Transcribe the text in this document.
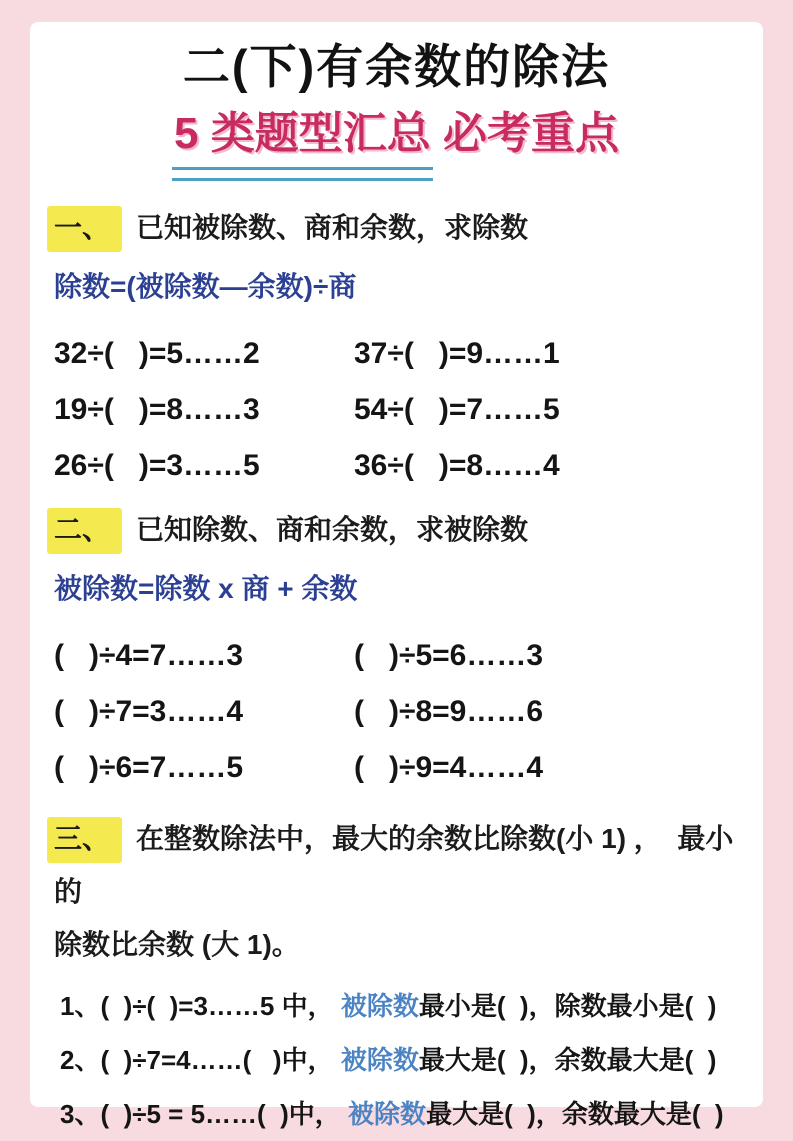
二(下)有余数的除法
5 类题型汇总 必考重点
一、 已知被除数、商和余数，求除数
除数=(被除数—余数)÷商
32÷(   )=5……2	37÷(   )=9……1
19÷(   )=8……3	54÷(   )=7……5
26÷(   )=3……5	36÷(   )=8……4
二、 已知除数、商和余数，求被除数
被除数=除数 x 商 + 余数
(   )÷4=7……3	(   )÷5=6……3
(   )÷7=3……4	(   )÷8=9……6
(   )÷6=7……5	(   )÷9=4……4
三、 在整数除法中，最大的余数比除数(小 1) ，  最小的
除数比余数 (大 1)。
1、(  )÷(  )=3……5 中， 被除数最小是(  )，除数最小是(  )
2、(  )÷7=4……(   )中， 被除数最大是(  )，余数最大是(  )
3、(  )÷5 = 5……(  )中， 被除数最大是(  )，余数最大是(  )
